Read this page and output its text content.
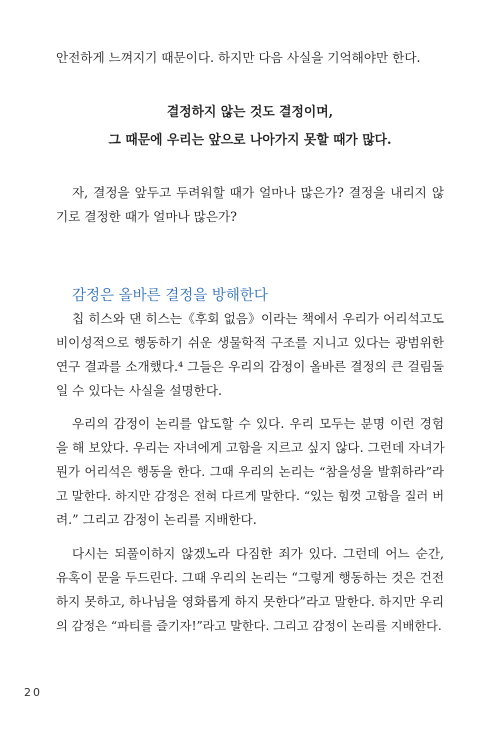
안전하게 느껴지기 때문이다. 하지만 다음 사실을 기억해야만 한다.
결정하지 않는 것도 결정이며,
그 때문에 우리는 앞으로 나아가지 못할 때가 많다.
자, 결정을 앞두고 두려워할 때가 얼마나 많은가? 결정을 내리지 않
기로 결정한 때가 얼마나 많은가?
감정은 올바른 결정을 방해한다
칩 히스와 댄 히스는《후회 없음》이라는 책에서 우리가 어리석고도
비이성적으로 행동하기 쉬운 생물학적 구조를 지니고 있다는 광범위한
연구 결과를 소개했다.⁴ 그들은 우리의 감정이 올바른 결정의 큰 걸림돌
일 수 있다는 사실을 설명한다.
우리의 감정이 논리를 압도할 수 있다. 우리 모두는 분명 이런 경험
을 해 보았다. 우리는 자녀에게 고함을 지르고 싶지 않다. 그런데 자녀가
뭔가 어리석은 행동을 한다. 그때 우리의 논리는 “참을성을 발휘하라”라
고 말한다. 하지만 감정은 전혀 다르게 말한다. “있는 힘껏 고함을 질러 버
려.” 그리고 감정이 논리를 지배한다.
다시는 되풀이하지 않겠노라 다짐한 죄가 있다. 그런데 어느 순간,
유혹이 문을 두드린다. 그때 우리의 논리는 “그렇게 행동하는 것은 건전
하지 못하고, 하나님을 영화롭게 하지 못한다”라고 말한다. 하지만 우리
의 감정은 “파티를 즐기자!”라고 말한다. 그리고 감정이 논리를 지배한다.
20
